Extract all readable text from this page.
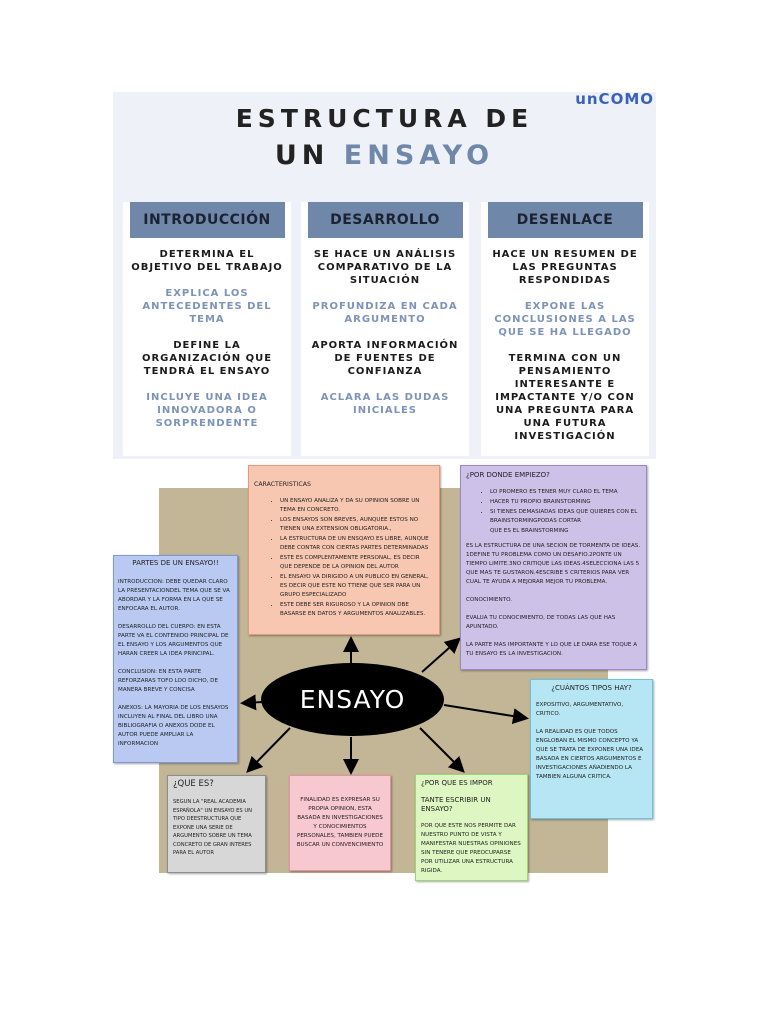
unCOMO
ESTRUCTURA DE
UN ENSAYO
INTRODUCCIÓN
DETERMINA EL OBJETIVO DEL TRABAJO
EXPLICA LOS ANTECEDENTES DEL TEMA
DEFINE LA ORGANIZACIÓN QUE TENDRÁ EL ENSAYO
INCLUYE UNA IDEA INNOVADORA O SORPRENDENTE
DESARROLLO
SE HACE UN ANÁLISIS COMPARATIVO DE LA SITUACIÓN
PROFUNDIZA EN CADA ARGUMENTO
APORTA INFORMACIÓN DE FUENTES DE CONFIANZA
ACLARA LAS DUDAS INICIALES
DESENLACE
HACE UN RESUMEN DE LAS PREGUNTAS RESPONDIDAS
EXPONE LAS CONCLUSIONES A LAS QUE SE HA LLEGADO
TERMINA CON UN PENSAMIENTO INTERESANTE E IMPACTANTE Y/O CON UNA PREGUNTA PARA UNA FUTURA INVESTIGACIÓN
ENSAYO
CARACTERISTICAS
• UN ENSAYO ANALIZA Y DA SU OPINION SOBRE UN TEMA EN CONCRETO.
• LOS ENSAYOS SON BREVES, AUNQUEE ESTOS NO TIENEN UNA EXTENSION OBLIGATORIA.,
• LA ESTRUCTURA DE UN ENSQAYO ES LIBRE, AUNQUE DEBE CONTAR CON CIERTAS PARTES DETERMINADAS
• ESTE ES COMPLENTAMENTE PERSONAL, ES DECIR QUE DEPENDE DE LA OPINION DEL AUTOR
• EL ENSAYO VA DIRIGIDO A UN PUBLICO EN GENERAL, ES DECIR QUE ESTE NO TTIENE QUE SER PARA UN GRUPO ESPECIALIZADO
• ESTE DEBE SER RIGUROSO Y LA OPINION DBE BASARSE EN DATOS Y ARGUMENTOS ANALIZABLES.
¿POR DONDE EMPIEZO?
• LO PROMERO ES TENER MUY CLARO EL TEMA
• HACER TU PROPIO BRAINSTORMING
• SI TIENES DEMASIADAS IDEAS QUE QUIERES CON EL BRAINSTORMINGPODAS CORTAR

QUE ES EL BRAINSTORMING

ES LA ESTRUCTURA DE UNA SECION DE TORMENTA DE IDEAS. 1DEFINE TU PROBLEMA COMO UN DESAFIO.2PONTE UN TIEMPO LIMITE.3NO CRITIQUE LAS IDEAS.4SELECCIONA LAS 5 QUE MAS TE GUSTARON.4ESCRIBE 5 CRITERIOS PARA VER CUAL TE AYUDA A MEJORAR MEJOR TU PROBLEMA.

CONOCIMIENTO.

EVALUA TU CONOCIMIENTO, DE TODAS LAS QUE HAS APUNTADO.

LA PARTE MAS IMPORTANTE Y LO QUE LE DARA ESE TOQUE A TU ENSAYO ES LA INVESTIGACION.

PARTES DE UN ENSAYO!!

INTRODUCCION: DEBE QUEDAR CLARO LA PRESENTACIONDEL TEMA QUE SE VA ABORDAR Y LA FORMA EN LA QUE SE ENFOCARA EL AUTOR.

DESARROLLO DEL CUERPO: EN ESTA PARTE VA EL CONTENIDO PRINCIPAL DE EL ENSAYO Y LOS ARGUMENTOS QUE HARAN CREER LA IDEA PRINCIPAL.

CONCLUSION: EN ESTA PARTE REFORZARAS TOFO LOO DICHO, DE MANERA BREVE Y CONCISA

ANEXOS: LA MAYORIA DE LOS ENSAYOS INCLUYEN AL FINAL DEL LIBRO UNA BIBLIOGRAFIA O ANEXOS DODE EL AUTOR PUEDE AMPLIAR LA INFORMACION

¿CUÁNTOS TIPOS HAY?

EXPOSITIVO, ARGUMENTATIVO, CRITICO.

LA REALIDAD ES QUE TODOS ENGLOBAN EL MISMO CONCEPTO YA QUE SE TRATA DE EXPONER UNA IDEA BASADA EN CIERTOS ARGUMENTOS E INVESTIGACIONES AÑADIENDO LA TAMBIEN ALGUNA CRITICA.

¿QUE ES?

SEGUN LA "REAL ACADEMIA ESPAÑOLA" UN ENSAYO ES UN TIPO DEESTRUCTURA QUE EXPONE UNA SERIE DE ARGUMENTO SOBRE UN TEMA CONCRETO DE GRAN INTERES PARA EL AUTOR

FINALIDAD ES EXPRESAR SU PROPIA OPINION, ESTA BASADA EN INVESTIGACIONES Y CONOCIMIENTOS PERSONALES, TAMBIEN PUEDE BUSCAR UN CONVENCIMIENTO

¿POR QUE ES IMPOR
TANTE ESCRIBIR UN ENSAYO?

POR QUE ESTE NOS PERMITE DAR NUESTRO PUNTO DE VISTA Y MANIFESTAR NUESTRAS OPINIONES SIN TENERE QUE PREOCUPARSE POR UTILIZAR UNA ESTRUCTURA RIGIDA.
